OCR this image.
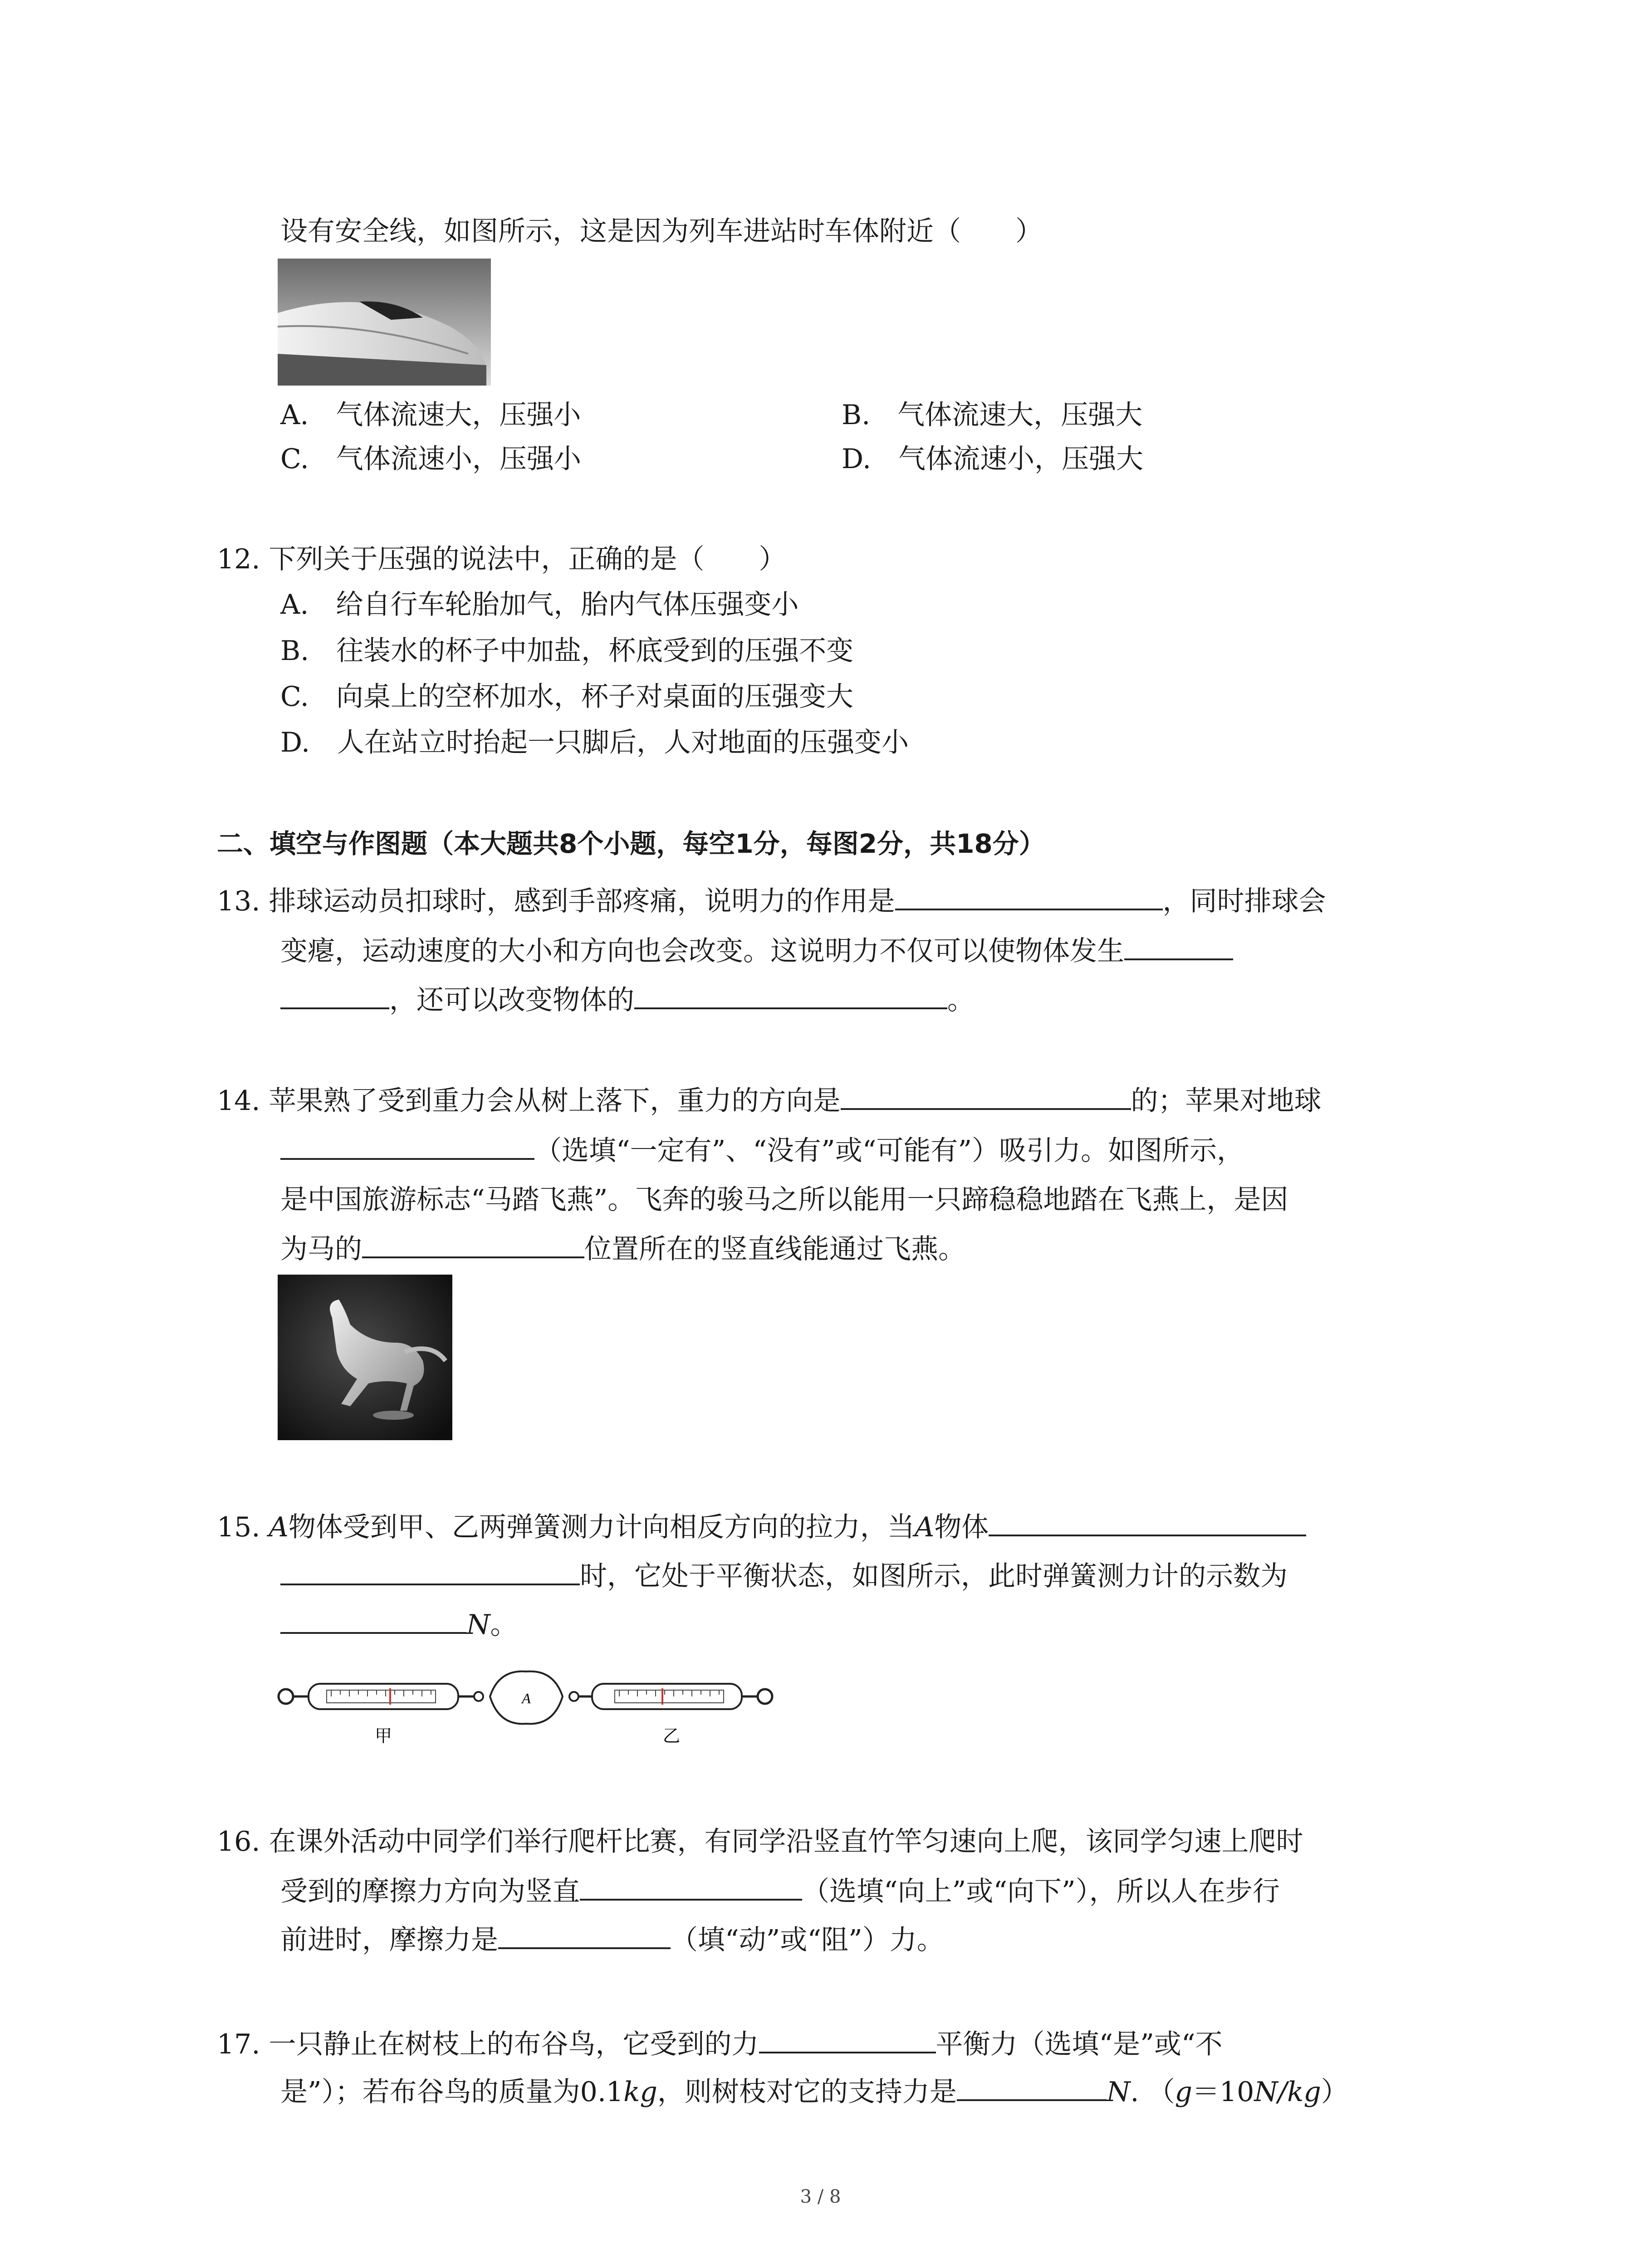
设有安全线，如图所示，这是因为列车进站时车体附近（　　）
A.　气体流速大，压强小	B.　气体流速大，压强大
C.　气体流速小，压强小	D.　气体流速小，压强大
12. 下列关于压强的说法中，正确的是（　　）
A.　给自行车轮胎加气，胎内气体压强变小
B.　往装水的杯子中加盐，杯底受到的压强不变
C.　向桌上的空杯加水，杯子对桌面的压强变大
D.　人在站立时抬起一只脚后，人对地面的压强变小
二、填空与作图题（本大题共8个小题，每空1分，每图2分，共18分）
13. 排球运动员扣球时，感到手部疼痛，说明力的作用是	，同时排球会
变瘪，运动速度的大小和方向也会改变。这说明力不仅可以使物体发生
，还可以改变物体的	。
14. 苹果熟了受到重力会从树上落下，重力的方向是	的；苹果对地球
（选填“一定有”、“没有”或“可能有”）吸引力。如图所示，
是中国旅游标志“马踏飞燕”。飞奔的骏马之所以能用一只蹄稳稳地踏在飞燕上，是因
为马的	位置所在的竖直线能通过飞燕。
15. A物体受到甲、乙两弹簧测力计向相反方向的拉力，当A物体
时，它处于平衡状态，如图所示，此时弹簧测力计的示数为
N。
A
甲	乙
16. 在课外活动中同学们举行爬杆比赛，有同学沿竖直竹竿匀速向上爬，该同学匀速上爬时
受到的摩擦力方向为竖直	（选填“向上”或“向下”），所以人在步行
前进时，摩擦力是	（填“动”或“阻”）力。
17. 一只静止在树枝上的布谷鸟，它受到的力	平衡力（选填“是”或“不
是”）；若布谷鸟的质量为0.1kg，则树枝对它的支持力是	N. （g＝10N/kg）
3 / 8
